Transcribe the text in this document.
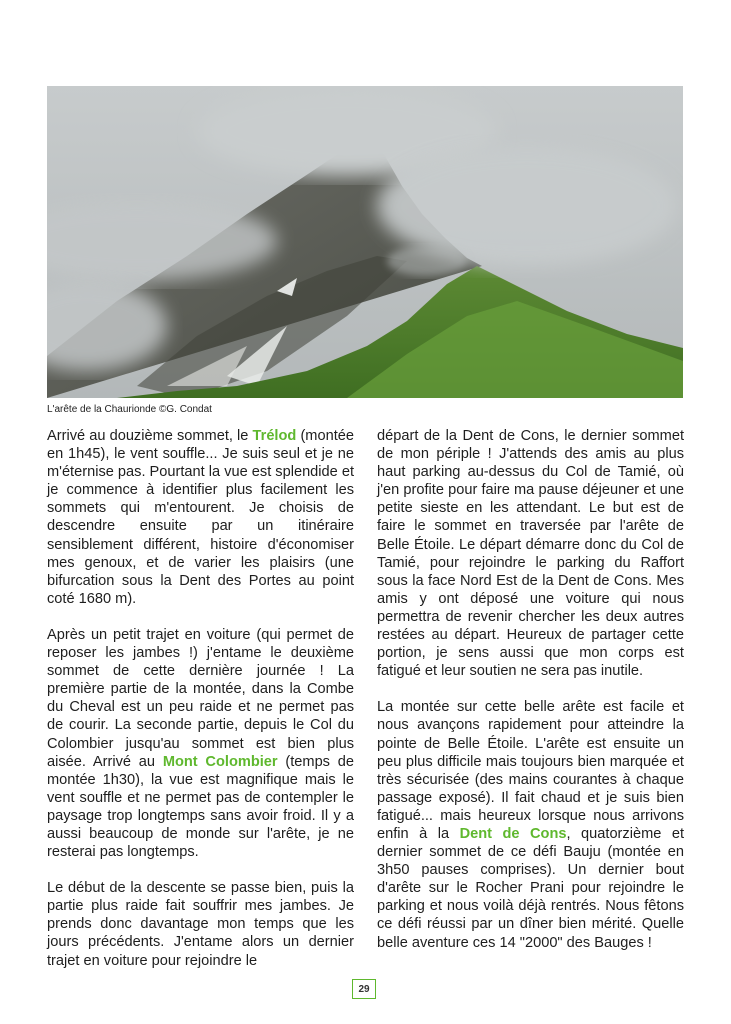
L'arête de la Chaurionde ©G. Condat

Arrivé au douzième sommet, le Trélod (montée en 1h45), le vent souffle... Je suis seul et je ne m'éternise pas. Pourtant la vue est splendide et je commence à identifier plus facilement les sommets qui m'entourent. Je choisis de descendre ensuite par un itinéraire sensiblement différent, histoire d'économiser mes genoux, et de varier les plaisirs (une bifurcation sous la Dent des Portes au point coté 1680 m).

Après un petit trajet en voiture (qui permet de reposer les jambes !) j'entame le deuxième sommet de cette dernière journée ! La première partie de la montée, dans la Combe du Cheval est un peu raide et ne permet pas de courir. La seconde partie, depuis le Col du Colombier jusqu'au sommet est bien plus aisée. Arrivé au Mont Colombier (temps de montée 1h30), la vue est magnifique mais le vent souffle et ne permet pas de contempler le paysage trop longtemps sans avoir froid. Il y a aussi beaucoup de monde sur l'arête, je ne resterai pas longtemps.

Le début de la descente se passe bien, puis la partie plus raide fait souffrir mes jambes. Je prends donc davantage mon temps que les jours précédents. J'entame alors un dernier trajet en voiture pour rejoindre le

départ de la Dent de Cons, le dernier sommet de mon périple ! J'attends des amis au plus haut parking au-dessus du Col de Tamié, où j'en profite pour faire ma pause déjeuner et une petite sieste en les attendant. Le but est de faire le sommet en traversée par l'arête de Belle Étoile. Le départ démarre donc du Col de Tamié, pour rejoindre le parking du Raffort sous la face Nord Est de la Dent de Cons. Mes amis y ont déposé une voiture qui nous permettra de revenir chercher les deux autres restées au départ. Heureux de partager cette portion, je sens aussi que mon corps est fatigué et leur soutien ne sera pas inutile.

La montée sur cette belle arête est facile et nous avançons rapidement pour atteindre la pointe de Belle Étoile. L'arête est ensuite un peu plus difficile mais toujours bien marquée et très sécurisée (des mains courantes à chaque passage exposé). Il fait chaud et je suis bien fatigué... mais heureux lorsque nous arrivons enfin à la Dent de Cons, quatorzième et dernier sommet de ce défi Bauju (montée en 3h50 pauses comprises). Un dernier bout d'arête sur le Rocher Prani pour rejoindre le parking et nous voilà déjà rentrés. Nous fêtons ce défi réussi par un dîner bien mérité. Quelle belle aventure ces 14 "2000" des Bauges !

29
